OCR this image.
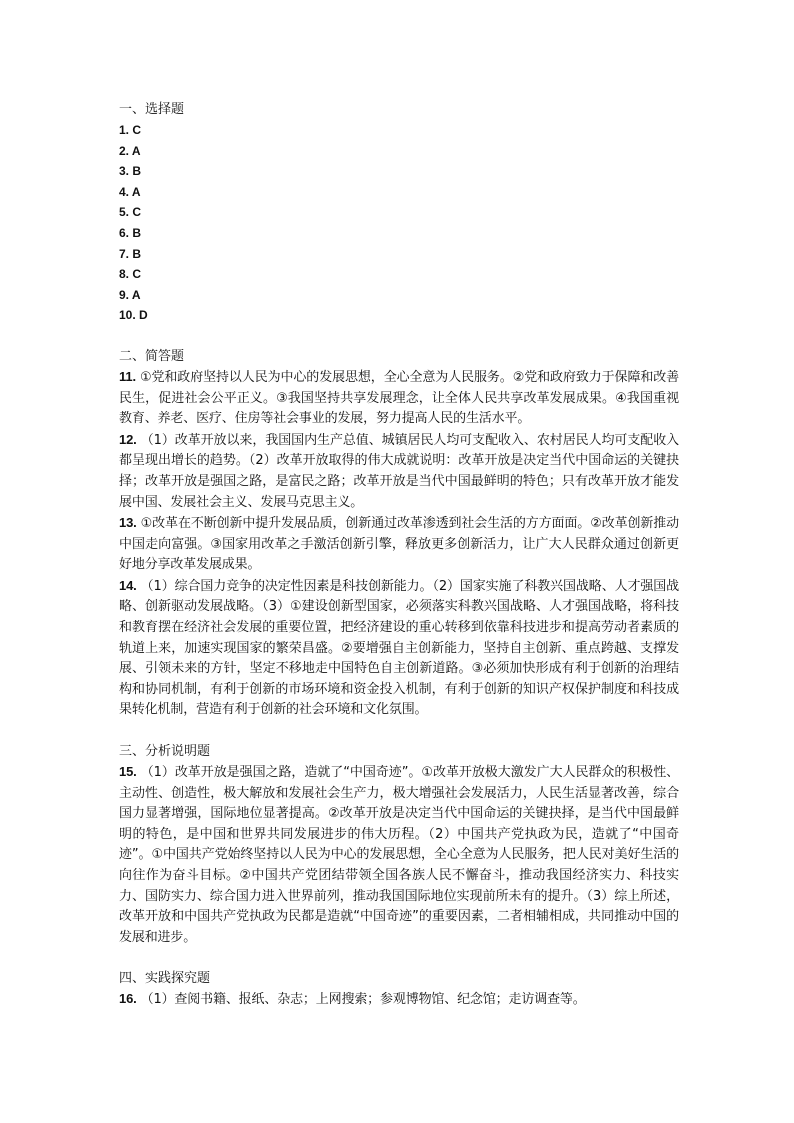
一、选择题
1. C
2. A
3. B
4. A
5. C
6. B
7. B
8. C
9. A
10. D
二、简答题

11. ①党和政府坚持以人民为中心的发展思想，全心全意为人民服务。②党和政府致力于保障和改善民生，促进社会公平正义。③我国坚持共享发展理念，让全体人民共享改革发展成果。④我国重视教育、养老、医疗、住房等社会事业的发展，努力提高人民的生活水平。

12. （1）改革开放以来，我国国内生产总值、城镇居民人均可支配收入、农村居民人均可支配收入都呈现出增长的趋势。（2）改革开放取得的伟大成就说明：改革开放是决定当代中国命运的关键抉择；改革开放是强国之路，是富民之路；改革开放是当代中国最鲜明的特色；只有改革开放才能发展中国、发展社会主义、发展马克思主义。

13. ①改革在不断创新中提升发展品质，创新通过改革渗透到社会生活的方方面面。②改革创新推动中国走向富强。③国家用改革之手激活创新引擎，释放更多创新活力，让广大人民群众通过创新更好地分享改革发展成果。

14. （1）综合国力竞争的决定性因素是科技创新能力。（2）国家实施了科教兴国战略、人才强国战略、创新驱动发展战略。（3）①建设创新型国家，必须落实科教兴国战略、人才强国战略，将科技和教育摆在经济社会发展的重要位置，把经济建设的重心转移到依靠科技进步和提高劳动者素质的轨道上来，加速实现国家的繁荣昌盛。②要增强自主创新能力，坚持自主创新、重点跨越、支撑发展、引领未来的方针，坚定不移地走中国特色自主创新道路。③必须加快形成有利于创新的治理结构和协同机制，有利于创新的市场环境和资金投入机制，有利于创新的知识产权保护制度和科技成果转化机制，营造有利于创新的社会环境和文化氛围。

三、分析说明题

15. （1）改革开放是强国之路，造就了“中国奇迹”。①改革开放极大激发广大人民群众的积极性、主动性、创造性，极大解放和发展社会生产力，极大增强社会发展活力，人民生活显著改善，综合国力显著增强，国际地位显著提高。②改革开放是决定当代中国命运的关键抉择，是当代中国最鲜明的特色，是中国和世界共同发展进步的伟大历程。（2）中国共产党执政为民，造就了“中国奇迹”。①中国共产党始终坚持以人民为中心的发展思想，全心全意为人民服务，把人民对美好生活的向往作为奋斗目标。②中国共产党团结带领全国各族人民不懈奋斗，推动我国经济实力、科技实力、国防实力、综合国力进入世界前列，推动我国国际地位实现前所未有的提升。（3）综上所述，改革开放和中国共产党执政为民都是造就“中国奇迹”的重要因素，二者相辅相成，共同推动中国的发展和进步。

四、实践探究题

16. （1）查阅书籍、报纸、杂志；上网搜索；参观博物馆、纪念馆；走访调查等。
